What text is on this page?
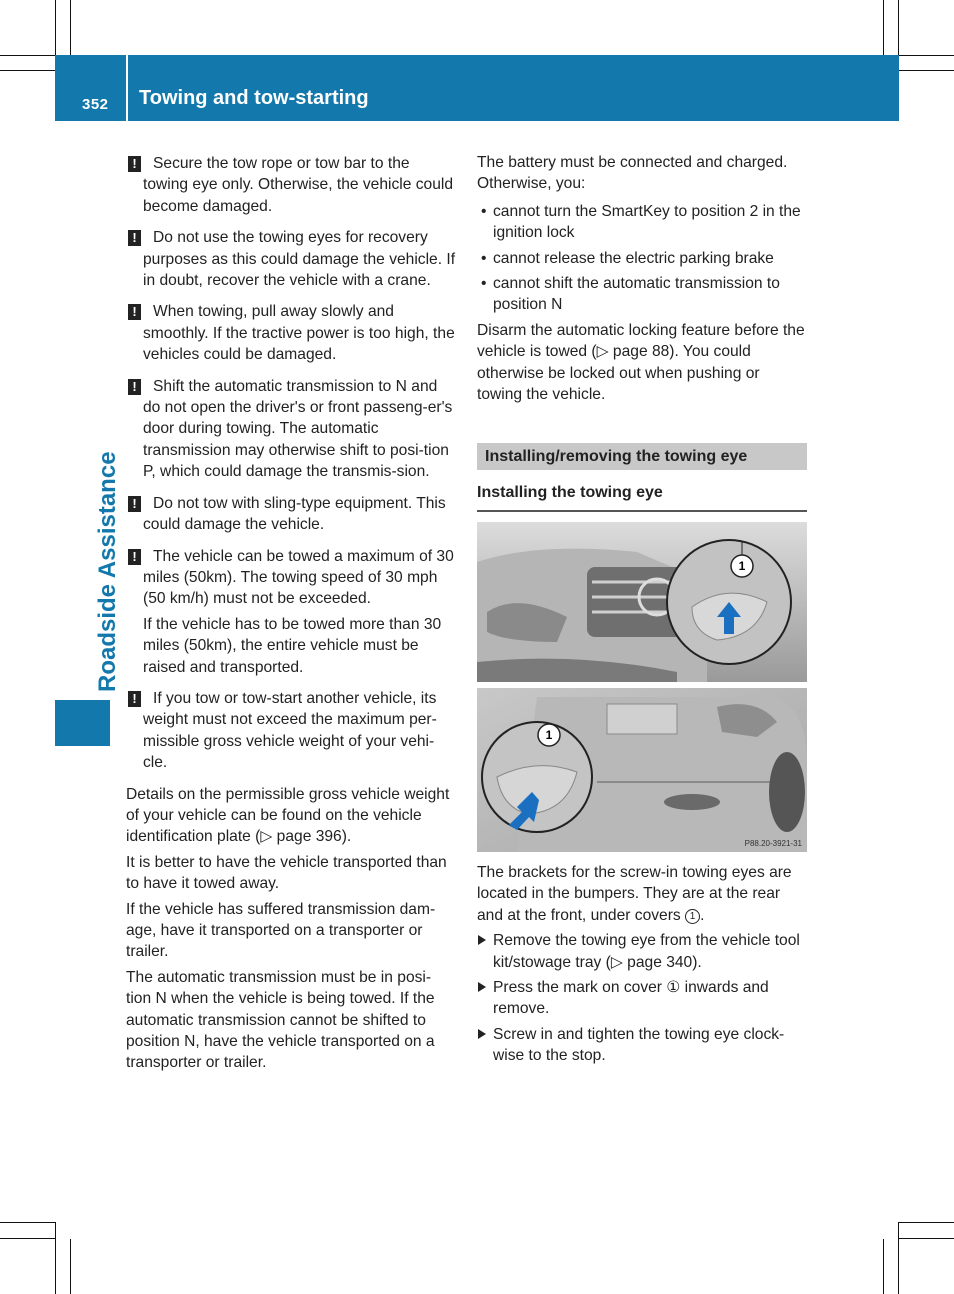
352 Towing and tow-starting
Roadside Assistance
!	Secure the tow rope or tow bar to the towing eye only. Otherwise, the vehicle could become damaged.
!	Do not use the towing eyes for recovery purposes as this could damage the vehicle. If in doubt, recover the vehicle with a crane.
!	When towing, pull away slowly and smoothly. If the tractive power is too high, the vehicles could be damaged.
!	Shift the automatic transmission to N and do not open the driver's or front passeng-er's door during towing. The automatic transmission may otherwise shift to posi-tion P, which could damage the transmis-sion.
!	Do not tow with sling-type equipment. This could damage the vehicle.
!	The vehicle can be towed a maximum of 30 miles (50km). The towing speed of 30 mph (50 km/h) must not be exceeded.
If the vehicle has to be towed more than 30 miles (50km), the entire vehicle must be raised and transported.
!	If you tow or tow-start another vehicle, its weight must not exceed the maximum per-missible gross vehicle weight of your vehi-cle.

Details on the permissible gross vehicle weight of your vehicle can be found on the vehicle identification plate (▷ page 396).

It is better to have the vehicle transported than to have it towed away.

If the vehicle has suffered transmission dam-age, have it transported on a transporter or trailer.

The automatic transmission must be in posi-tion N when the vehicle is being towed. If the automatic transmission cannot be shifted to position N, have the vehicle transported on a transporter or trailer.

The battery must be connected and charged. Otherwise, you:

• cannot turn the SmartKey to position 2 in the ignition lock
• cannot release the electric parking brake
• cannot shift the automatic transmission to position N

Disarm the automatic locking feature before the vehicle is towed (▷ page 88). You could otherwise be locked out when pushing or towing the vehicle.

Installing/removing the towing eye
Installing the towing eye
1
1
P88.20-3921-31

The brackets for the screw-in towing eyes are located in the bumpers. They are at the rear and at the front, under covers 1 .

Remove the towing eye from the vehicle tool kit/stowage tray (▷ page 340).
Press the mark on cover ① inwards and remove.
Screw in and tighten the towing eye clock-wise to the stop.
